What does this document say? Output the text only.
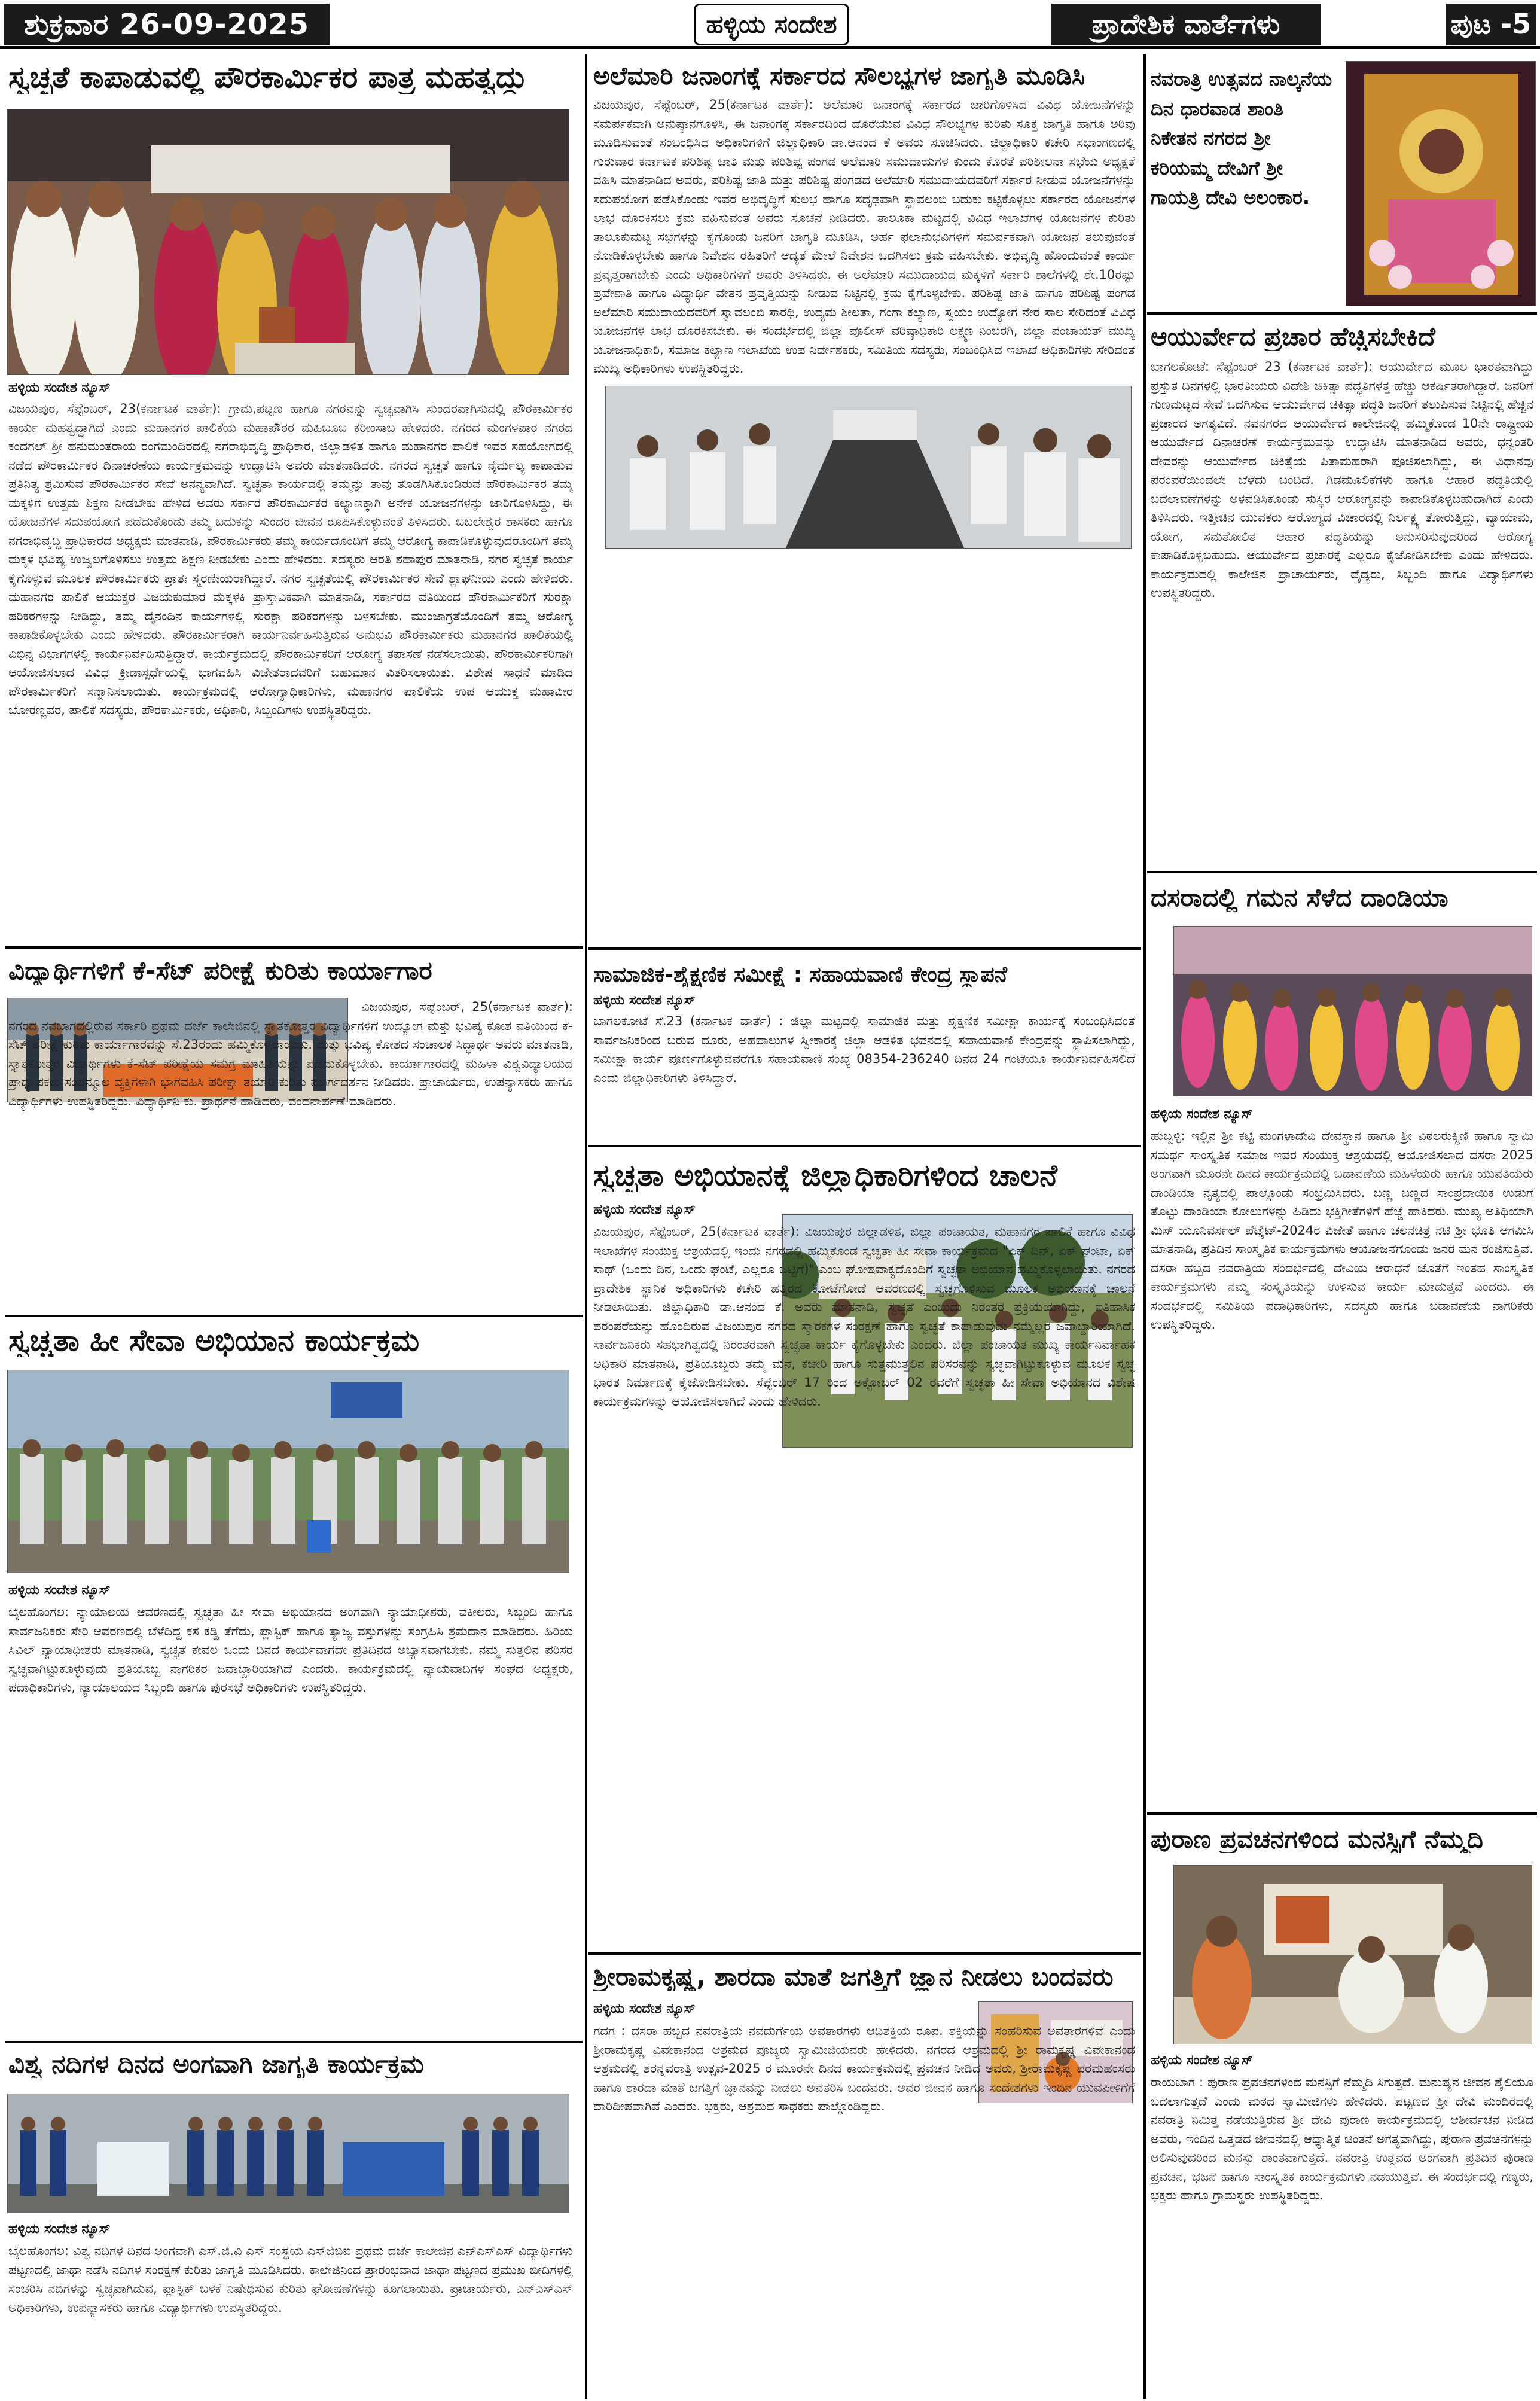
ಶುಕ್ರವಾರ 26-09-2025	ಹಳ್ಳಿಯ ಸಂದೇಶ	ಪ್ರಾದೇಶಿಕ ವಾರ್ತೆಗಳು	ಪುಟ -5
ಸ್ವಚ್ಛತೆ ಕಾಪಾಡುವಲ್ಲಿ ಪೌರಕಾರ್ಮಿಕರ ಪಾತ್ರ ಮಹತ್ವದ್ದು
ಹಳ್ಳಿಯ ಸಂದೇಶ ನ್ಯೂಸ್
ವಿಜಯಪುರ, ಸೆಪ್ಟೆಂಬರ್, 23(ಕರ್ನಾಟಕ ವಾರ್ತೆ): ಗ್ರಾಮ,ಪಟ್ಟಣ ಹಾಗೂ ನಗರವನ್ನು ಸ್ವಚ್ಛವಾಗಿಸಿ ಸುಂದರವಾಗಿಸುವಲ್ಲಿ ಪೌರಕಾರ್ಮಿಕರ ಕಾರ್ಯ ಮಹತ್ವದ್ದಾಗಿದೆ ಎಂದು ಮಹಾನಗರ ಪಾಲಿಕೆಯ ಮಹಾಪೌರರ ಮಹಿಬೂಬ ಕರೀಂಸಾಬ ಹೇಳಿದರು. ನಗರದ ಮಂಗಳವಾರ ನಗರದ ಕಂದಗಲ್ ಶ್ರೀ ಹನುಮಂತರಾಯ ರಂಗಮಂದಿರದಲ್ಲಿ ನಗರಾಭಿವೃದ್ಧಿ ಪ್ರಾಧಿಕಾರ, ಜಿಲ್ಲಾಡಳಿತ ಹಾಗೂ ಮಹಾನಗರ ಪಾಲಿಕೆ ಇವರ ಸಹಯೋಗದಲ್ಲಿ ನಡೆದ ಪೌರಕಾರ್ಮಿಕರ ದಿನಾಚರಣೆಯ ಕಾರ್ಯಕ್ರಮವನ್ನು ಉದ್ಘಾಟಿಸಿ ಅವರು ಮಾತನಾಡಿದರು. ನಗರದ ಸ್ವಚ್ಛತೆ ಹಾಗೂ ನೈರ್ಮಲ್ಯ ಕಾಪಾಡುವ ಪ್ರತಿನಿತ್ಯ ಶ್ರಮಿಸುವ ಪೌರಕಾರ್ಮಿಕರ ಸೇವೆ ಅನನ್ಯವಾಗಿದೆ. ಸ್ವಚ್ಛತಾ ಕಾರ್ಯದಲ್ಲಿ ತಮ್ಮನ್ನು ತಾವು ತೊಡಗಿಸಿಕೊಂಡಿರುವ ಪೌರಕಾರ್ಮಿಕರ ತಮ್ಮ ಮಕ್ಕಳಿಗೆ ಉತ್ತಮ ಶಿಕ್ಷಣ ನೀಡಬೇಕು ಹೇಳಿದ ಅವರು ಸರ್ಕಾರ ಪೌರಕಾರ್ಮಿಕರ ಕಲ್ಯಾಣಕ್ಕಾಗಿ ಅನೇಕ ಯೋಜನೆಗಳನ್ನು ಜಾರಿಗೊಳಿಸಿದ್ದು, ಈ ಯೋಜನೆಗಳ ಸದುಪಯೋಗ ಪಡೆದುಕೊಂಡು ತಮ್ಮ ಬದುಕನ್ನು ಸುಂದರ ಜೀವನ ರೂಪಿಸಿಕೊಳ್ಳುವಂತೆ ತಿಳಿಸಿದರು. ಬಬಲೇಶ್ವರ ಶಾಸಕರು ಹಾಗೂ ನಗರಾಭಿವೃದ್ಧಿ ಪ್ರಾಧಿಕಾರದ ಅಧ್ಯಕ್ಷರು ಮಾತನಾಡಿ, ಪೌರಕಾರ್ಮಿಕರು ತಮ್ಮ ಕಾರ್ಯದೊಂದಿಗೆ ತಮ್ಮ ಆರೋಗ್ಯ ಕಾಪಾಡಿಕೊಳ್ಳುವುದರೊಂದಿಗೆ ತಮ್ಮ ಮಕ್ಕಳ ಭವಿಷ್ಯ ಉಜ್ವಲಗೊಳಿಸಲು ಉತ್ತಮ ಶಿಕ್ಷಣ ನೀಡಬೇಕು ಎಂದು ಹೇಳಿದರು. ಸದಸ್ಯರು ಆರತಿ ಶಹಾಪುರ ಮಾತನಾಡಿ, ನಗರ ಸ್ವಚ್ಛತೆ ಕಾರ್ಯ ಕೈಗೊಳ್ಳುವ ಮೂಲಕ ಪೌರಕಾರ್ಮಿಕರು ಪ್ರಾತಃ ಸ್ಮರಣೀಯರಾಗಿದ್ದಾರೆ. ನಗರ ಸ್ವಚ್ಛತೆಯಲ್ಲಿ ಪೌರಕಾರ್ಮಿಕರ ಸೇವೆ ಶ್ಲಾಘನೀಯ ಎಂದು ಹೇಳಿದರು. ಮಹಾನಗರ ಪಾಲಿಕೆ ಆಯುಕ್ತರ ವಿಜಯಕುಮಾರ ಮೆಕ್ಕಳಕಿ ಪ್ರಾಸ್ತಾವಿಕವಾಗಿ ಮಾತನಾಡಿ, ಸರ್ಕಾರದ ವತಿಯಿಂದ ಪೌರಕಾರ್ಮಿಕರಿಗೆ ಸುರಕ್ಷಾ ಪರಿಕರಗಳನ್ನು ನೀಡಿದ್ದು, ತಮ್ಮ ದೈನಂದಿನ ಕಾರ್ಯಗಳಲ್ಲಿ ಸುರಕ್ಷಾ ಪರಿಕರಗಳನ್ನು ಬಳಸಬೇಕು. ಮುಂಜಾಗ್ರತೆಯೊಂದಿಗೆ ತಮ್ಮ ಆರೋಗ್ಯ ಕಾಪಾಡಿಕೊಳ್ಳಬೇಕು ಎಂದು ಹೇಳಿದರು. ಪೌರಕಾರ್ಮಿಕರಾಗಿ ಕಾರ್ಯನಿರ್ವಹಿಸುತ್ತಿರುವ ಅನುಭವಿ ಪೌರಕಾರ್ಮಿಕರು ಮಹಾನಗರ ಪಾಲಿಕೆಯಲ್ಲಿ ವಿಭಿನ್ನ ವಿಭಾಗಗಳಲ್ಲಿ ಕಾರ್ಯನಿರ್ವಹಿಸುತ್ತಿದ್ದಾರೆ. ಕಾರ್ಯಕ್ರಮದಲ್ಲಿ ಪೌರಕಾರ್ಮಿಕರಿಗೆ ಆರೋಗ್ಯ ತಪಾಸಣೆ ನಡೆಸಲಾಯಿತು. ಪೌರಕಾರ್ಮಿಕರಿಗಾಗಿ ಆಯೋಜಿಸಲಾದ ವಿವಿಧ ಕ್ರೀಡಾಸ್ಪರ್ಧೆಯಲ್ಲಿ ಭಾಗವಹಿಸಿ ವಿಜೇತರಾದವರಿಗೆ ಬಹುಮಾನ ವಿತರಿಸಲಾಯಿತು. ವಿಶೇಷ ಸಾಧನೆ ಮಾಡಿದ ಪೌರಕಾರ್ಮಿಕರಿಗೆ ಸನ್ಮಾನಿಸಲಾಯಿತು. ಕಾರ್ಯಕ್ರಮದಲ್ಲಿ ಆರೋಗ್ಯಾಧಿಕಾರಿಗಳು, ಮಹಾನಗರ ಪಾಲಿಕೆಯ ಉಪ ಆಯುಕ್ತ ಮಹಾವೀರ ಬೋರಣ್ಣವರ, ಪಾಲಿಕೆ ಸದಸ್ಯರು, ಪೌರಕಾರ್ಮಿಕರು, ಅಧಿಕಾರಿ, ಸಿಬ್ಬಂದಿಗಳು ಉಪಸ್ಥಿತರಿದ್ದರು.
ವಿದ್ಯಾರ್ಥಿಗಳಿಗೆ ಕೆ-ಸೆಟ್ ಪರೀಕ್ಷೆ ಕುರಿತು ಕಾರ್ಯಾಗಾರ
ವಿಜಯಪುರ, ಸೆಪ್ಟೆಂಬರ್, 25(ಕರ್ನಾಟಕ ವಾರ್ತೆ): ನಗರದ ನವಬಾಗದಲ್ಲಿರುವ ಸರ್ಕಾರಿ ಪ್ರಥಮ ದರ್ಜೆ ಕಾಲೇಜಿನಲ್ಲಿ ಸ್ನಾತಕೋತ್ತರ ವಿದ್ಯಾರ್ಥಿಗಳಿಗೆ ಉದ್ಯೋಗ ಮತ್ತು ಭವಿಷ್ಯ ಕೋಶ ವತಿಯಿಂದ ಕೆ-ಸೆಟ್ ಪರೀಕ್ಷೆ ಕುರಿತು ಕಾರ್ಯಾಗಾರವನ್ನು ಸೆ.23ರಂದು ಹಮ್ಮಿಕೊಳ್ಳಲಾಯಿತು. ಮತ್ತು ಭವಿಷ್ಯ ಕೋಶದ ಸಂಚಾಲಕ ಸಿದ್ಧಾರ್ಥ ಅವರು ಮಾತನಾಡಿ, ಸ್ನಾತಕೋತ್ತರ ವಿದ್ಯಾರ್ಥಿಗಳು ಕೆ-ಸೆಟ್ ಪರೀಕ್ಷೆಯ ಸಮಗ್ರ ಮಾಹಿತಿಯನ್ನು ಪಡೆದುಕೊಳ್ಳಬೇಕು. ಕಾರ್ಯಾಗಾರದಲ್ಲಿ ಮಹಿಳಾ ವಿಶ್ವವಿದ್ಯಾಲಯದ ಪ್ರಾಧ್ಯಾಪಕರು ಸಂಪನ್ಮೂಲ ವ್ಯಕ್ತಿಗಳಾಗಿ ಭಾಗವಹಿಸಿ ಪರೀಕ್ಷಾ ತಯಾರಿ ಕುರಿತು ಮಾರ್ಗದರ್ಶನ ನೀಡಿದರು. ಪ್ರಾಚಾರ್ಯರು, ಉಪನ್ಯಾಸಕರು ಹಾಗೂ ವಿದ್ಯಾರ್ಥಿಗಳು ಉಪಸ್ಥಿತರಿದ್ದರು. ವಿದ್ಯಾರ್ಥಿನಿ ಕು. ಪ್ರಾರ್ಥನೆ ಹಾಡಿದರು, ವಂದನಾರ್ಪಣೆ ಮಾಡಿದರು.
ಸ್ವಚ್ಚತಾ ಹೀ ಸೇವಾ ಅಭಿಯಾನ ಕಾರ್ಯಕ್ರಮ
ಹಳ್ಳಿಯ ಸಂದೇಶ ನ್ಯೂಸ್
ಬೈಲಹೊಂಗಲ: ನ್ಯಾಯಾಲಯ ಆವರಣದಲ್ಲಿ ಸ್ವಚ್ಛತಾ ಹೀ ಸೇವಾ ಅಭಿಯಾನದ ಅಂಗವಾಗಿ ನ್ಯಾಯಾಧೀಶರು, ವಕೀಲರು, ಸಿಬ್ಬಂದಿ ಹಾಗೂ ಸಾರ್ವಜನಿಕರು ಸೇರಿ ಆವರಣದಲ್ಲಿ ಬೆಳೆದಿದ್ದ ಕಸ ಕಡ್ಡಿ ತೆಗೆದು, ಪ್ಲಾಸ್ಟಿಕ್ ಹಾಗೂ ತ್ಯಾಜ್ಯ ವಸ್ತುಗಳನ್ನು ಸಂಗ್ರಹಿಸಿ ಶ್ರಮದಾನ ಮಾಡಿದರು. ಹಿರಿಯ ಸಿವಿಲ್ ನ್ಯಾಯಾಧೀಶರು ಮಾತನಾಡಿ, ಸ್ವಚ್ಛತೆ ಕೇವಲ ಒಂದು ದಿನದ ಕಾರ್ಯವಾಗದೇ ಪ್ರತಿದಿನದ ಅಭ್ಯಾಸವಾಗಬೇಕು. ನಮ್ಮ ಸುತ್ತಲಿನ ಪರಿಸರ ಸ್ವಚ್ಛವಾಗಿಟ್ಟುಕೊಳ್ಳುವುದು ಪ್ರತಿಯೊಬ್ಬ ನಾಗರಿಕರ ಜವಾಬ್ದಾರಿಯಾಗಿದೆ ಎಂದರು. ಕಾರ್ಯಕ್ರಮದಲ್ಲಿ ನ್ಯಾಯವಾದಿಗಳ ಸಂಘದ ಅಧ್ಯಕ್ಷರು, ಪದಾಧಿಕಾರಿಗಳು, ನ್ಯಾಯಾಲಯದ ಸಿಬ್ಬಂದಿ ಹಾಗೂ ಪುರಸಭೆ ಅಧಿಕಾರಿಗಳು ಉಪಸ್ಥಿತರಿದ್ದರು.
ವಿಶ್ವ ನದಿಗಳ ದಿನದ ಅಂಗವಾಗಿ ಜಾಗೃತಿ ಕಾರ್ಯಕ್ರಮ
ಹಳ್ಳಿಯ ಸಂದೇಶ ನ್ಯೂಸ್
ಬೈಲಹೊಂಗಲ: ವಿಶ್ವ ನದಿಗಳ ದಿನದ ಅಂಗವಾಗಿ ಎಸ್.ಜಿ.ವಿ ಎಸ್ ಸಂಸ್ಥೆಯ ಎಸ್‌ಜಿಬಿಐ ಪ್ರಥಮ ದರ್ಜೆ ಕಾಲೇಜಿನ ಎನ್ಎಸ್ಎಸ್ ವಿದ್ಯಾರ್ಥಿಗಳು ಪಟ್ಟಣದಲ್ಲಿ ಜಾಥಾ ನಡೆಸಿ ನದಿಗಳ ಸಂರಕ್ಷಣೆ ಕುರಿತು ಜಾಗೃತಿ ಮೂಡಿಸಿದರು. ಕಾಲೇಜಿನಿಂದ ಪ್ರಾರಂಭವಾದ ಜಾಥಾ ಪಟ್ಟಣದ ಪ್ರಮುಖ ಬೀದಿಗಳಲ್ಲಿ ಸಂಚರಿಸಿ ನದಿಗಳನ್ನು ಸ್ವಚ್ಛವಾಗಿಡುವ, ಪ್ಲಾಸ್ಟಿಕ್ ಬಳಕೆ ನಿಷೇಧಿಸುವ ಕುರಿತು ಘೋಷಣೆಗಳನ್ನು ಕೂಗಲಾಯಿತು. ಪ್ರಾಚಾರ್ಯರು, ಎನ್ಎಸ್ಎಸ್ ಅಧಿಕಾರಿಗಳು, ಉಪನ್ಯಾಸಕರು ಹಾಗೂ ವಿದ್ಯಾರ್ಥಿಗಳು ಉಪಸ್ಥಿತರಿದ್ದರು.
ಅಲೆಮಾರಿ ಜನಾಂಗಕ್ಕೆ ಸರ್ಕಾರದ ಸೌಲಭ್ಯಗಳ ಜಾಗೃತಿ ಮೂಡಿಸಿ
ವಿಜಯಪುರ, ಸೆಪ್ಟೆಂಬರ್, 25(ಕರ್ನಾಟಕ ವಾರ್ತೆ): ಅಲೆಮಾರಿ ಜನಾಂಗಕ್ಕೆ ಸರ್ಕಾರದ ಜಾರಿಗೊಳಿಸಿದ ವಿವಿಧ ಯೋಜನೆಗಳನ್ನು ಸಮರ್ಪಕವಾಗಿ ಅನುಷ್ಠಾನಗೊಳಿಸಿ, ಈ ಜನಾಂಗಕ್ಕೆ ಸರ್ಕಾರದಿಂದ ದೊರೆಯುವ ವಿವಿಧ ಸೌಲಭ್ಯಗಳ ಕುರಿತು ಸೂಕ್ತ ಜಾಗೃತಿ ಹಾಗೂ ಅರಿವು ಮೂಡಿಸುವಂತೆ ಸಂಬಂಧಿಸಿದ ಅಧಿಕಾರಿಗಳಿಗೆ ಜಿಲ್ಲಾಧಿಕಾರಿ ಡಾ.ಆನಂದ ಕೆ ಅವರು ಸೂಚಿಸಿದರು. ಜಿಲ್ಲಾಧಿಕಾರಿ ಕಚೇರಿ ಸಭಾಂಗಣದಲ್ಲಿ ಗುರುವಾರ ಕರ್ನಾಟಕ ಪರಿಶಿಷ್ಟ ಜಾತಿ ಮತ್ತು ಪರಿಶಿಷ್ಟ ಪಂಗಡ ಅಲೆಮಾರಿ ಸಮುದಾಯಗಳ ಕುಂದು ಕೊರತೆ ಪರಿಶೀಲನಾ ಸಭೆಯ ಅಧ್ಯಕ್ಷತೆ ವಹಿಸಿ ಮಾತನಾಡಿದ ಅವರು, ಪರಿಶಿಷ್ಟ ಜಾತಿ ಮತ್ತು ಪರಿಶಿಷ್ಟ ಪಂಗಡದ ಅಲೆಮಾರಿ ಸಮುದಾಯದವರಿಗೆ ಸರ್ಕಾರ ನೀಡುವ ಯೋಜನೆಗಳನ್ನು ಸದುಪಯೋಗ ಪಡೆಸಿಕೊಂಡು ಇವರ ಅಭಿವೃದ್ಧಿಗೆ ಸುಲಭ ಹಾಗೂ ಸದೃಢವಾಗಿ ಸ್ಥಾವಲಂಬಿ ಬದುಕು ಕಟ್ಟಿಕೊಳ್ಳಲು ಸರ್ಕಾರದ ಯೋಜನೆಗಳ ಲಾಭ ದೊರಕಿಸಲು ಕ್ರಮ ವಹಿಸುವಂತೆ ಅವರು ಸೂಚನೆ ನೀಡಿದರು. ತಾಲೂಕಾ ಮಟ್ಟದಲ್ಲಿ ವಿವಿಧ ಇಲಾಖೆಗಳ ಯೋಜನೆಗಳ ಕುರಿತು ತಾಲೂಕುಮಟ್ಟ ಸಭೆಗಳನ್ನು ಕೈಗೊಂಡು ಜನರಿಗೆ ಜಾಗೃತಿ ಮೂಡಿಸಿ, ಅರ್ಹ ಫಲಾನುಭವಿಗಳಿಗೆ ಸಮರ್ಪಕವಾಗಿ ಯೋಜನೆ ತಲುಪುವಂತೆ ನೋಡಿಕೊಳ್ಳಬೇಕು ಹಾಗೂ ನಿವೇಶನ ರಹಿತರಿಗೆ ಆದ್ಯತೆ ಮೇಲೆ ನಿವೇಶನ ಒದಗಿಸಲು ಕ್ರಮ ವಹಿಸಬೇಕು. ಅಭಿವೃದ್ಧಿ ಹೊಂದುವಂತೆ ಕಾರ್ಯ ಪ್ರವೃತ್ತರಾಗಬೇಕು ಎಂದು ಅಧಿಕಾರಿಗಳಿಗೆ ಅವರು ತಿಳಿಸಿದರು. ಈ ಅಲೆಮಾರಿ ಸಮುದಾಯದ ಮಕ್ಕಳಿಗೆ ಸರ್ಕಾರಿ ಶಾಲೆಗಳಲ್ಲಿ ಶೇ.10ರಷ್ಟು ಪ್ರವೇಶಾತಿ ಹಾಗೂ ವಿದ್ಯಾರ್ಥಿ ವೇತನ ಪ್ರವೃತ್ತಿಯನ್ನು ನೀಡುವ ನಿಟ್ಟಿನಲ್ಲಿ ಕ್ರಮ ಕೈಗೊಳ್ಳಬೇಕು. ಪರಿಶಿಷ್ಟ ಜಾತಿ ಹಾಗೂ ಪರಿಶಿಷ್ಟ ಪಂಗಡ ಅಲೆಮಾರಿ ಸಮುದಾಯದವರಿಗೆ ಸ್ವಾವಲಂಬಿ ಸಾರಥಿ, ಉದ್ಯಮ ಶೀಲತಾ, ಗಂಗಾ ಕಲ್ಯಾಣ, ಸ್ವಯಂ ಉದ್ಯೋಗ ನೇರ ಸಾಲ ಸೇರಿದಂತೆ ವಿವಿಧ ಯೋಜನೆಗಳ ಲಾಭ ದೊರಕಿಸಬೇಕು. ಈ ಸಂದರ್ಭದಲ್ಲಿ ಜಿಲ್ಲಾ ಪೊಲೀಸ್ ವರಿಷ್ಠಾಧಿಕಾರಿ ಲಕ್ಷ್ಮಣ ನಿಂಬರಗಿ, ಜಿಲ್ಲಾ ಪಂಚಾಯತ್ ಮುಖ್ಯ ಯೋಜನಾಧಿಕಾರಿ, ಸಮಾಜ ಕಲ್ಯಾಣ ಇಲಾಖೆಯ ಉಪ ನಿರ್ದೇಶಕರು, ಸಮಿತಿಯ ಸದಸ್ಯರು, ಸಂಬಂಧಿಸಿದ ಇಲಾಖೆ ಅಧಿಕಾರಿಗಳು ಸೇರಿದಂತೆ ಮುಖ್ಯ ಅಧಿಕಾರಿಗಳು ಉಪಸ್ಥಿತರಿದ್ದರು.
ಸಾಮಾಜಿಕ-ಶೈಕ್ಷಣಿಕ ಸಮೀಕ್ಷೆ : ಸಹಾಯವಾಣಿ ಕೇಂದ್ರ ಸ್ಥಾಪನೆ
ಹಳ್ಳಿಯ ಸಂದೇಶ ನ್ಯೂಸ್
ಬಾಗಲಕೋಟೆ ಸೆ.23 (ಕರ್ನಾಟಕ ವಾರ್ತೆ) : ಜಿಲ್ಲಾ ಮಟ್ಟದಲ್ಲಿ ಸಾಮಾಜಿಕ ಮತ್ತು ಶೈಕ್ಷಣಿಕ ಸಮೀಕ್ಷಾ ಕಾರ್ಯಕ್ಕೆ ಸಂಬಂಧಿಸಿದಂತೆ ಸಾರ್ವಜನಿಕರಿಂದ ಬರುವ ದೂರು, ಅಹವಾಲುಗಳ ಸ್ವೀಕಾರಕ್ಕೆ ಜಿಲ್ಲಾ ಆಡಳಿತ ಭವನದಲ್ಲಿ ಸಹಾಯವಾಣಿ ಕೇಂದ್ರವನ್ನು ಸ್ಥಾಪಿಸಲಾಗಿದ್ದು, ಸಮೀಕ್ಷಾ ಕಾರ್ಯ ಪೂರ್ಣಗೊಳ್ಳುವವರೆಗೂ ಸಹಾಯವಾಣಿ ಸಂಖ್ಯೆ 08354-236240 ದಿನದ 24 ಗಂಟೆಯೂ ಕಾರ್ಯನಿರ್ವಹಿಸಲಿದೆ ಎಂದು ಜಿಲ್ಲಾಧಿಕಾರಿಗಳು ತಿಳಿಸಿದ್ದಾರೆ.
ಸ್ವಚ್ಛತಾ ಅಭಿಯಾನಕ್ಕೆ ಜಿಲ್ಲಾಧಿಕಾರಿಗಳಿಂದ ಚಾಲನೆ
ಹಳ್ಳಿಯ ಸಂದೇಶ ನ್ಯೂಸ್
ವಿಜಯಪುರ, ಸೆಪ್ಟೆಂಬರ್, 25(ಕರ್ನಾಟಕ ವಾರ್ತೆ): ವಿಜಯಪುರ ಜಿಲ್ಲಾಡಳಿತ, ಜಿಲ್ಲಾ ಪಂಚಾಯತ, ಮಹಾನಗರ ಪಾಲಿಕೆ ಹಾಗೂ ವಿವಿಧ ಇಲಾಖೆಗಳ ಸಂಯುಕ್ತ ಆಶ್ರಯದಲ್ಲಿ ಇಂದು ನಗರದಲ್ಲಿ ಹಮ್ಮಿಕೊಂಡ ಸ್ವಚ್ಛತಾ ಹೀ ಸೇವಾ ಕಾರ್ಯಕ್ರಮದ "ಏಕ್ ದಿನ್, ಏಕ್ ಘಂಟಾ, ಏಕ್ ಸಾಥ್ (ಒಂದು ದಿನ, ಒಂದು ಘಂಟೆ, ಎಲ್ಲರೂ ಒಟ್ಟಿಗೆ)" ಎಂಬ ಘೋಷವಾಕ್ಯದೊಂದಿಗೆ ಸ್ವಚ್ಛತಾ ಅಭಿಯಾನ ಹಮ್ಮಿಕೊಳ್ಳಲಾಯಿತು. ನಗರದ ಪ್ರಾದೇಶಿಕ ಸ್ಥಾನಿಕ ಅಧಿಕಾರಿಗಳು ಕಚೇರಿ ಹತ್ತಿರದ ಕೋಟೆಗೋಡೆ ಆವರಣದಲ್ಲಿ ಸ್ವಚ್ಛಗೊಳಿಸುವ ಮೂಲಕ ಅಭಿಯಾನಕ್ಕೆ ಚಾಲನೆ ನೀಡಲಾಯಿತು. ಜಿಲ್ಲಾಧಿಕಾರಿ ಡಾ.ಆನಂದ ಕೆ. ಅವರು ಮಾತನಾಡಿ, ಸ್ವಚ್ಛತೆ ಎಂಬುದು ನಿರಂತರ ಪ್ರಕ್ರಿಯೆಯಾಗಿದ್ದು, ಐತಿಹಾಸಿಕ ಪರಂಪರೆಯನ್ನು ಹೊಂದಿರುವ ವಿಜಯಪುರ ನಗರದ ಸ್ಮಾರಕಗಳ ಸಂರಕ್ಷಣೆ ಹಾಗೂ ಸ್ವಚ್ಛತೆ ಕಾಪಾಡುವುದು ನಮ್ಮೆಲ್ಲರ ಜವಾಬ್ದಾರಿಯಾಗಿದೆ. ಸಾರ್ವಜನಿಕರು ಸಹಭಾಗಿತ್ವದಲ್ಲಿ ನಿರಂತರವಾಗಿ ಸ್ವಚ್ಛತಾ ಕಾರ್ಯ ಕೈಗೊಳ್ಳಬೇಕು ಎಂದರು. ಜಿಲ್ಲಾ ಪಂಚಾಯತ ಮುಖ್ಯ ಕಾರ್ಯನಿರ್ವಾಹಕ ಅಧಿಕಾರಿ ಮಾತನಾಡಿ, ಪ್ರತಿಯೊಬ್ಬರು ತಮ್ಮ ಮನೆ, ಕಚೇರಿ ಹಾಗೂ ಸುತ್ತಮುತ್ತಲಿನ ಪರಿಸರವನ್ನು ಸ್ವಚ್ಛವಾಗಿಟ್ಟುಕೊಳ್ಳುವ ಮೂಲಕ ಸ್ವಚ್ಛ ಭಾರತ ನಿರ್ಮಾಣಕ್ಕೆ ಕೈಜೋಡಿಸಬೇಕು. ಸೆಪ್ಟೆಂಬರ್ 17 ರಿಂದ ಅಕ್ಟೋಬರ್ 02 ರವರೆಗೆ ಸ್ವಚ್ಛತಾ ಹೀ ಸೇವಾ ಅಭಿಯಾನದ ವಿಶೇಷ ಕಾರ್ಯಕ್ರಮಗಳನ್ನು ಆಯೋಜಿಸಲಾಗಿದೆ ಎಂದು ಹೇಳಿದರು.
ಶ್ರೀರಾಮಕೃಷ್ಣ, ಶಾರದಾ ಮಾತೆ ಜಗತ್ತಿಗೆ ಜ್ಞಾನ ನೀಡಲು ಬಂದವರು
ಹಳ್ಳಿಯ ಸಂದೇಶ ನ್ಯೂಸ್
ಗದಗ : ದಸರಾ ಹಬ್ಬದ ನವರಾತ್ರಿಯ ನವದುರ್ಗೆಯ ಅವತಾರಗಳು ಆದಿಶಕ್ತಿಯ ರೂಪ. ಶಕ್ತಿಯನ್ನು ಸಂಹರಿಸುವ ಅವತಾರಗಳಿವೆ ಎಂದು ಶ್ರೀರಾಮಕೃಷ್ಣ ವಿವೇಕಾನಂದ ಆಶ್ರಮದ ಪೂಜ್ಯರು ಸ್ವಾಮೀಜಿಯವರು ಹೇಳಿದರು. ನಗರದ ಆಶ್ರಮದಲ್ಲಿ ಶ್ರೀ ರಾಮಕೃಷ್ಣ ವಿವೇಕಾನಂದ ಆಶ್ರಮದಲ್ಲಿ ಶರನ್ನವರಾತ್ರಿ ಉತ್ಸವ-2025 ರ ಮೂರನೇ ದಿನದ ಕಾರ್ಯಕ್ರಮದಲ್ಲಿ ಪ್ರವಚನ ನೀಡಿದ ಅವರು, ಶ್ರೀರಾಮಕೃಷ್ಣ ಪರಮಹಂಸರು ಹಾಗೂ ಶಾರದಾ ಮಾತೆ ಜಗತ್ತಿಗೆ ಜ್ಞಾನವನ್ನು ನೀಡಲು ಅವತರಿಸಿ ಬಂದವರು. ಅವರ ಜೀವನ ಹಾಗೂ ಸಂದೇಶಗಳು ಇಂದಿನ ಯುವಪೀಳಿಗೆಗೆ ದಾರಿದೀಪವಾಗಿವೆ ಎಂದರು. ಭಕ್ತರು, ಆಶ್ರಮದ ಸಾಧಕರು ಪಾಲ್ಗೊಂಡಿದ್ದರು.
ನವರಾತ್ರಿ ಉತ್ಸವದ ನಾಲ್ಕನೆಯ ದಿನ ಧಾರವಾಡ ಶಾಂತಿ ನಿಕೇತನ ನಗರದ ಶ್ರೀ ಕರಿಯಮ್ಮ ದೇವಿಗೆ ಶ್ರೀ ಗಾಯತ್ರಿ ದೇವಿ ಅಲಂಕಾರ.
ಆಯುರ್ವೇದ ಪ್ರಚಾರ ಹೆಚ್ಚಿಸಬೇಕಿದೆ
ಬಾಗಲಕೋಟೆ: ಸೆಪ್ಟೆಂಬರ್ 23 (ಕರ್ನಾಟಕ ವಾರ್ತೆ): ಆಯುರ್ವೇದ ಮೂಲ ಭಾರತವಾಗಿದ್ದು ಪ್ರಸ್ತುತ ದಿನಗಳಲ್ಲಿ ಭಾರತೀಯರು ವಿದೇಶಿ ಚಿಕಿತ್ಸಾ ಪದ್ಧತಿಗಳತ್ತ ಹೆಚ್ಚು ಆಕರ್ಷಿತರಾಗಿದ್ದಾರೆ. ಜನರಿಗೆ ಗುಣಮಟ್ಟದ ಸೇವೆ ಒದಗಿಸುವ ಆಯುರ್ವೇದ ಚಿಕಿತ್ಸಾ ಪದ್ಧತಿ ಜನರಿಗೆ ತಲುಪಿಸುವ ನಿಟ್ಟಿನಲ್ಲಿ ಹೆಚ್ಚಿನ ಪ್ರಚಾರದ ಅಗತ್ಯವಿದೆ. ನವನಗರದ ಆಯುರ್ವೇದ ಕಾಲೇಜಿನಲ್ಲಿ ಹಮ್ಮಿಕೊಂಡ 10ನೇ ರಾಷ್ಟ್ರೀಯ ಆಯುರ್ವೇದ ದಿನಾಚರಣೆ ಕಾರ್ಯಕ್ರಮವನ್ನು ಉದ್ಘಾಟಿಸಿ ಮಾತನಾಡಿದ ಅವರು, ಧನ್ವಂತರಿ ದೇವರನ್ನು ಆಯುರ್ವೇದ ಚಿಕಿತ್ಸೆಯ ಪಿತಾಮಹರಾಗಿ ಪೂಜಿಸಲಾಗಿದ್ದು, ಈ ವಿಧಾನವು ಪರಂಪರೆಯಿಂದಲೇ ಬೆಳೆದು ಬಂದಿದೆ. ಗಿಡಮೂಲಿಕೆಗಳು ಹಾಗೂ ಆಹಾರ ಪದ್ಧತಿಯಲ್ಲಿ ಬದಲಾವಣೆಗಳನ್ನು ಅಳವಡಿಸಿಕೊಂಡು ಸುಸ್ಥಿರ ಆರೋಗ್ಯವನ್ನು ಕಾಪಾಡಿಕೊಳ್ಳಬಹುದಾಗಿದೆ ಎಂದು ತಿಳಿಸಿದರು. ಇತ್ತೀಚಿನ ಯುವಕರು ಆರೋಗ್ಯದ ವಿಚಾರದಲ್ಲಿ ನಿರ್ಲಕ್ಷ್ಯ ತೋರುತ್ತಿದ್ದು, ವ್ಯಾಯಾಮ, ಯೋಗ, ಸಮತೋಲಿತ ಆಹಾರ ಪದ್ಧತಿಯನ್ನು ಅನುಸರಿಸುವುದರಿಂದ ಆರೋಗ್ಯ ಕಾಪಾಡಿಕೊಳ್ಳಬಹುದು. ಆಯುರ್ವೇದ ಪ್ರಚಾರಕ್ಕೆ ಎಲ್ಲರೂ ಕೈಜೋಡಿಸಬೇಕು ಎಂದು ಹೇಳಿದರು. ಕಾರ್ಯಕ್ರಮದಲ್ಲಿ ಕಾಲೇಜಿನ ಪ್ರಾಚಾರ್ಯರು, ವೈದ್ಯರು, ಸಿಬ್ಬಂದಿ ಹಾಗೂ ವಿದ್ಯಾರ್ಥಿಗಳು ಉಪಸ್ಥಿತರಿದ್ದರು.
ದಸರಾದಲ್ಲಿ ಗಮನ ಸೆಳೆದ ದಾಂಡಿಯಾ
ಹಳ್ಳಿಯ ಸಂದೇಶ ನ್ಯೂಸ್
ಹುಬ್ಬಳ್ಳಿ: ಇಲ್ಲಿನ ಶ್ರೀ ಕಟ್ಟಿ ಮಂಗಳಾದೇವಿ ದೇವಸ್ಥಾನ ಹಾಗೂ ಶ್ರೀ ವಿಠಲರುಕ್ಮಿಣಿ ಹಾಗೂ ಸ್ವಾಮಿ ಸಮರ್ಥ ಸಾಂಸ್ಕೃತಿಕ ಸಮಾಜ ಇವರ ಸಂಯುಕ್ತ ಆಶ್ರಯದಲ್ಲಿ ಆಯೋಜಿಸಲಾದ ದಸರಾ 2025 ಅಂಗವಾಗಿ ಮೂರನೇ ದಿನದ ಕಾರ್ಯಕ್ರಮದಲ್ಲಿ ಬಡಾವಣೆಯ ಮಹಿಳೆಯರು ಹಾಗೂ ಯುವತಿಯರು ದಾಂಡಿಯಾ ನೃತ್ಯದಲ್ಲಿ ಪಾಲ್ಗೊಂಡು ಸಂಭ್ರಮಿಸಿದರು. ಬಣ್ಣ ಬಣ್ಣದ ಸಾಂಪ್ರದಾಯಿಕ ಉಡುಗೆ ತೊಟ್ಟು ದಾಂಡಿಯಾ ಕೋಲುಗಳನ್ನು ಹಿಡಿದು ಭಕ್ತಿಗೀತೆಗಳಿಗೆ ಹೆಜ್ಜೆ ಹಾಕಿದರು. ಮುಖ್ಯ ಅತಿಥಿಯಾಗಿ ಮಿಸ್ ಯೂನಿವರ್ಸಲ್ ಪೆಟೈಟ್-2024ರ ವಿಜೇತೆ ಹಾಗೂ ಚಲನಚಿತ್ರ ನಟಿ ಶ್ರೀ ಭೂತಿ ಆಗಮಿಸಿ ಮಾತನಾಡಿ, ಪ್ರತಿದಿನ ಸಾಂಸ್ಕೃತಿಕ ಕಾರ್ಯಕ್ರಮಗಳು ಆಯೋಜನೆಗೊಂಡು ಜನರ ಮನ ರಂಜಿಸುತ್ತಿವೆ. ದಸರಾ ಹಬ್ಬದ ನವರಾತ್ರಿಯ ಸಂದರ್ಭದಲ್ಲಿ ದೇವಿಯ ಆರಾಧನೆ ಜೊತೆಗೆ ಇಂತಹ ಸಾಂಸ್ಕೃತಿಕ ಕಾರ್ಯಕ್ರಮಗಳು ನಮ್ಮ ಸಂಸ್ಕೃತಿಯನ್ನು ಉಳಿಸುವ ಕಾರ್ಯ ಮಾಡುತ್ತವೆ ಎಂದರು. ಈ ಸಂದರ್ಭದಲ್ಲಿ ಸಮಿತಿಯ ಪದಾಧಿಕಾರಿಗಳು, ಸದಸ್ಯರು ಹಾಗೂ ಬಡಾವಣೆಯ ನಾಗರಿಕರು ಉಪಸ್ಥಿತರಿದ್ದರು.
ಪುರಾಣ ಪ್ರವಚನಗಳಿಂದ ಮನಸ್ಸಿಗೆ ನೆಮ್ಮದಿ
ಹಳ್ಳಿಯ ಸಂದೇಶ ನ್ಯೂಸ್
ರಾಯಬಾಗ : ಪುರಾಣ ಪ್ರವಚನಗಳಿಂದ ಮನಸ್ಸಿಗೆ ನೆಮ್ಮದಿ ಸಿಗುತ್ತದೆ. ಮನುಷ್ಯನ ಜೀವನ ಶೈಲಿಯೂ ಬದಲಾಗುತ್ತದೆ ಎಂದು ಮಠದ ಸ್ವಾಮೀಜಿಗಳು ಹೇಳಿದರು. ಪಟ್ಟಣದ ಶ್ರೀ ದೇವಿ ಮಂದಿರದಲ್ಲಿ ನವರಾತ್ರಿ ನಿಮಿತ್ತ ನಡೆಯುತ್ತಿರುವ ಶ್ರೀ ದೇವಿ ಪುರಾಣ ಕಾರ್ಯಕ್ರಮದಲ್ಲಿ ಆಶೀರ್ವಚನ ನೀಡಿದ ಅವರು, ಇಂದಿನ ಒತ್ತಡದ ಜೀವನದಲ್ಲಿ ಆಧ್ಯಾತ್ಮಿಕ ಚಿಂತನೆ ಅಗತ್ಯವಾಗಿದ್ದು, ಪುರಾಣ ಪ್ರವಚನಗಳನ್ನು ಆಲಿಸುವುದರಿಂದ ಮನಸ್ಸು ಶಾಂತವಾಗುತ್ತದೆ. ನವರಾತ್ರಿ ಉತ್ಸವದ ಅಂಗವಾಗಿ ಪ್ರತಿದಿನ ಪುರಾಣ ಪ್ರವಚನ, ಭಜನೆ ಹಾಗೂ ಸಾಂಸ್ಕೃತಿಕ ಕಾರ್ಯಕ್ರಮಗಳು ನಡೆಯುತ್ತಿವೆ. ಈ ಸಂದರ್ಭದಲ್ಲಿ ಗಣ್ಯರು, ಭಕ್ತರು ಹಾಗೂ ಗ್ರಾಮಸ್ಥರು ಉಪಸ್ಥಿತರಿದ್ದರು.
